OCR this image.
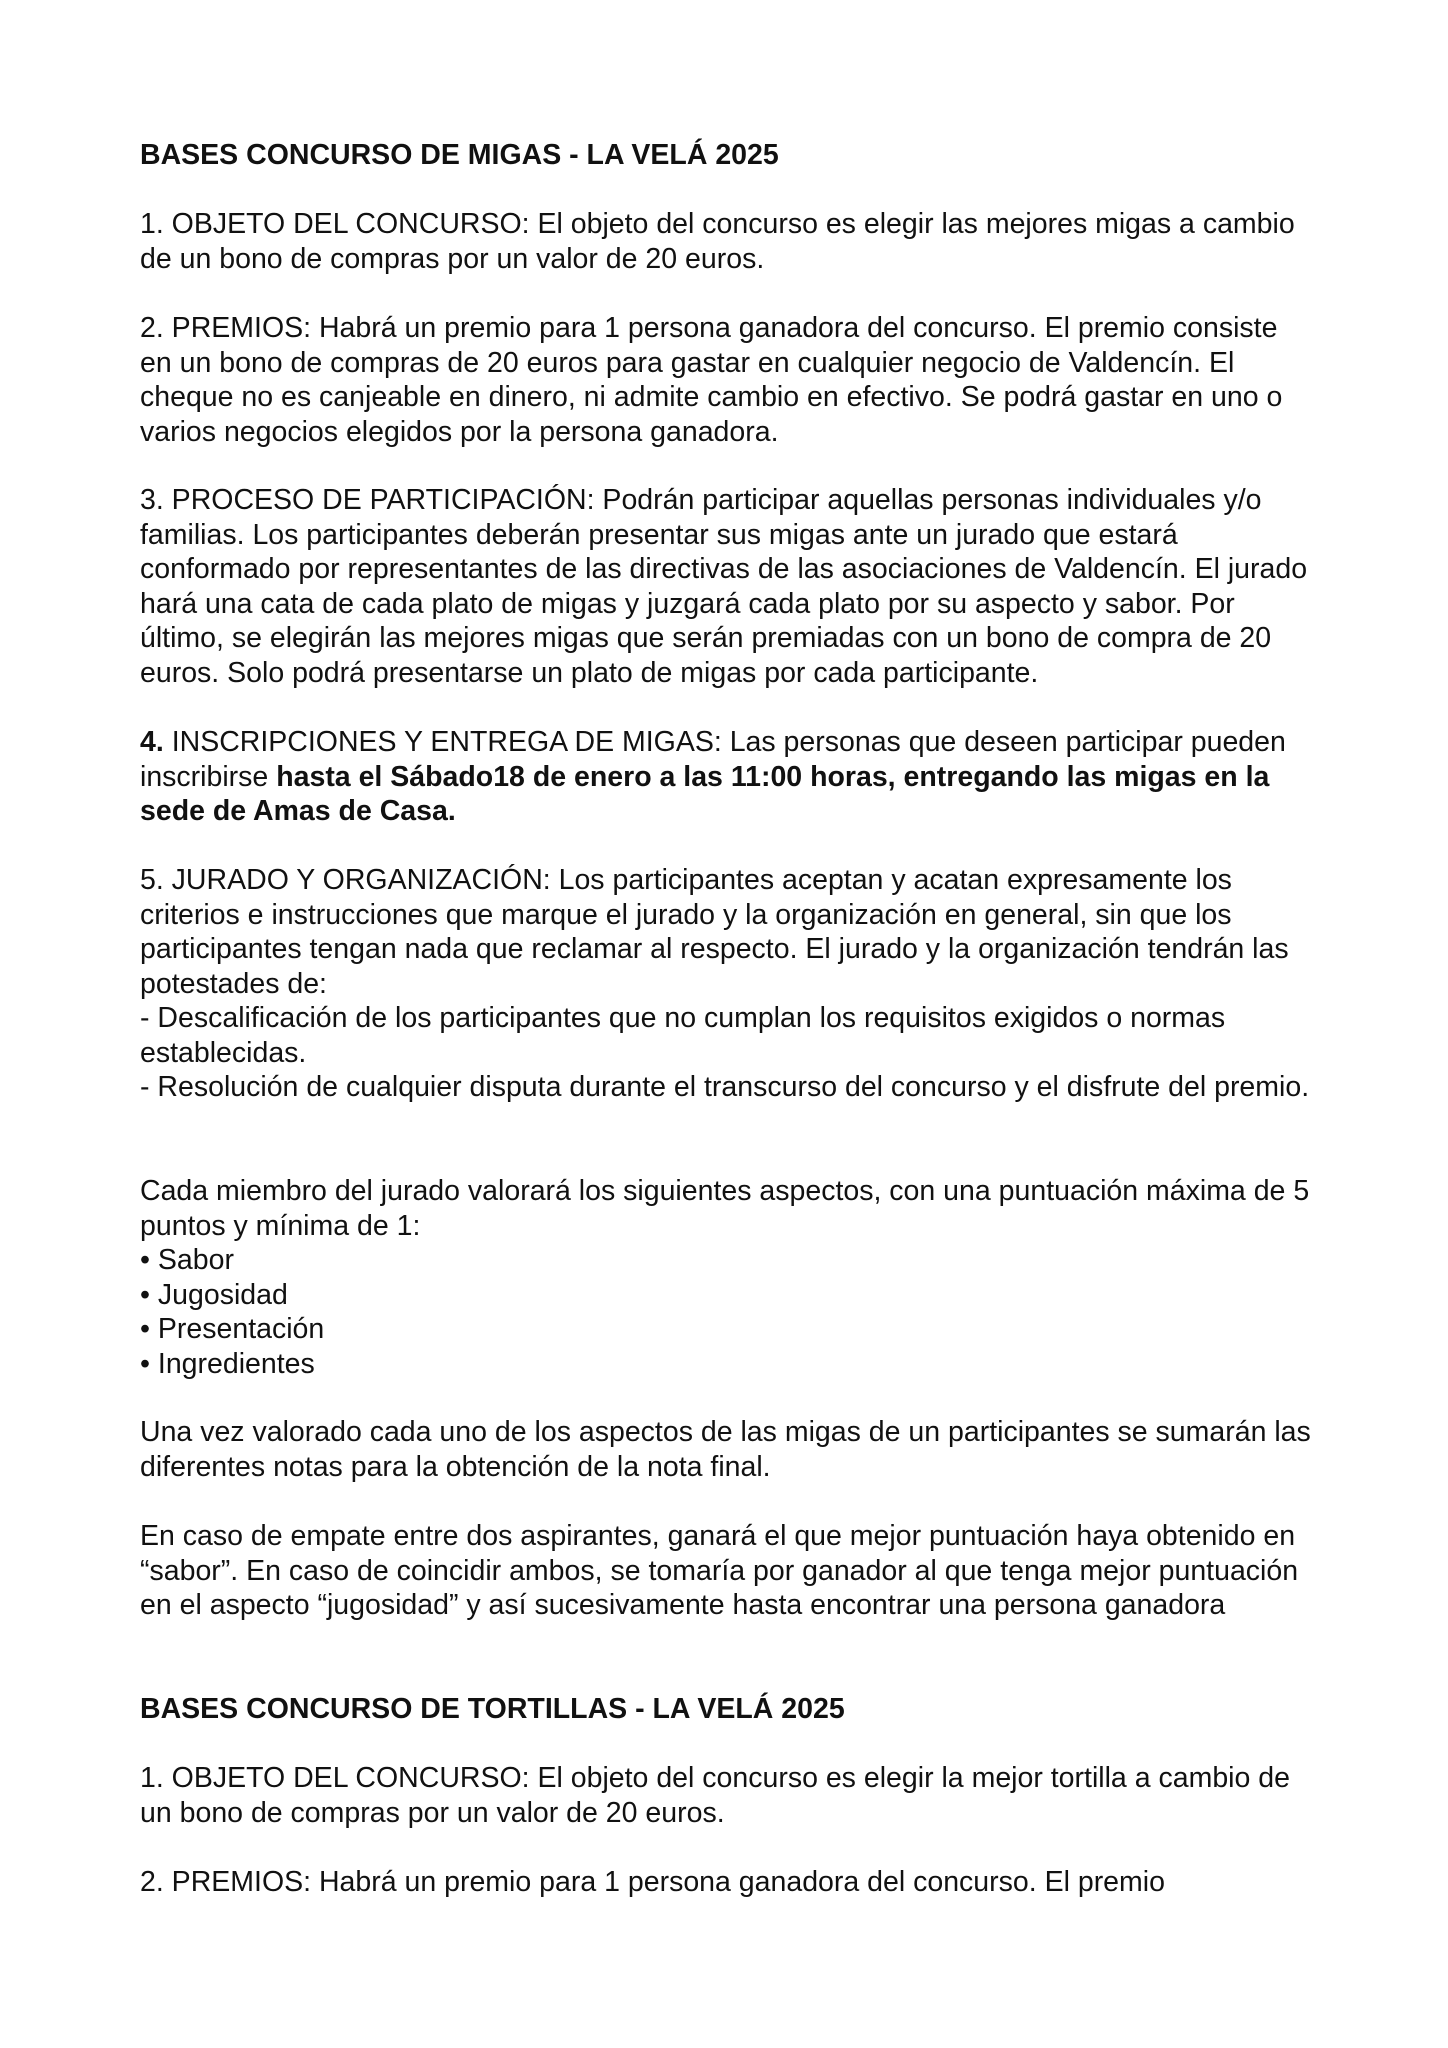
BASES CONCURSO DE MIGAS - LA VELÁ 2025

1. OBJETO DEL CONCURSO: El objeto del concurso es elegir las mejores migas a cambio de un bono de compras por un valor de 20 euros.

2. PREMIOS: Habrá un premio para 1 persona ganadora del concurso. El premio consiste en un bono de compras de 20 euros para gastar en cualquier negocio de Valdencín. El cheque no es canjeable en dinero, ni admite cambio en efectivo. Se podrá gastar en uno o varios negocios elegidos por la persona ganadora.

3. PROCESO DE PARTICIPACIÓN: Podrán participar aquellas personas individuales y/o familias. Los participantes deberán presentar sus migas ante un jurado que estará conformado por representantes de las directivas de las asociaciones de Valdencín. El jurado hará una cata de cada plato de migas y juzgará cada plato por su aspecto y sabor. Por último, se elegirán las mejores migas que serán premiadas con un bono de compra de 20 euros. Solo podrá presentarse un plato de migas por cada participante.

4. INSCRIPCIONES Y ENTREGA DE MIGAS: Las personas que deseen participar pueden inscribirse hasta el Sábado18 de enero a las 11:00 horas, entregando las migas en la sede de Amas de Casa.

5. JURADO Y ORGANIZACIÓN: Los participantes aceptan y acatan expresamente los criterios e instrucciones que marque el jurado y la organización en general, sin que los participantes tengan nada que reclamar al respecto. El jurado y la organización tendrán las potestades de:

- Descalificación de los participantes que no cumplan los requisitos exigidos o normas establecidas.

- Resolución de cualquier disputa durante el transcurso del concurso y el disfrute del premio.

Cada miembro del jurado valorará los siguientes aspectos, con una puntuación máxima de 5 puntos y mínima de 1:

• Sabor
• Jugosidad
• Presentación
• Ingredientes

Una vez valorado cada uno de los aspectos de las migas de un participantes se sumarán las diferentes notas para la obtención de la nota final.

En caso de empate entre dos aspirantes, ganará el que mejor puntuación haya obtenido en “sabor”. En caso de coincidir ambos, se tomaría por ganador al que tenga mejor puntuación en el aspecto “jugosidad” y así sucesivamente hasta encontrar una persona ganadora

BASES CONCURSO DE TORTILLAS - LA VELÁ 2025

1. OBJETO DEL CONCURSO: El objeto del concurso es elegir la mejor tortilla a cambio de un bono de compras por un valor de 20 euros.

2. PREMIOS: Habrá un premio para 1 persona ganadora del concurso. El premio
